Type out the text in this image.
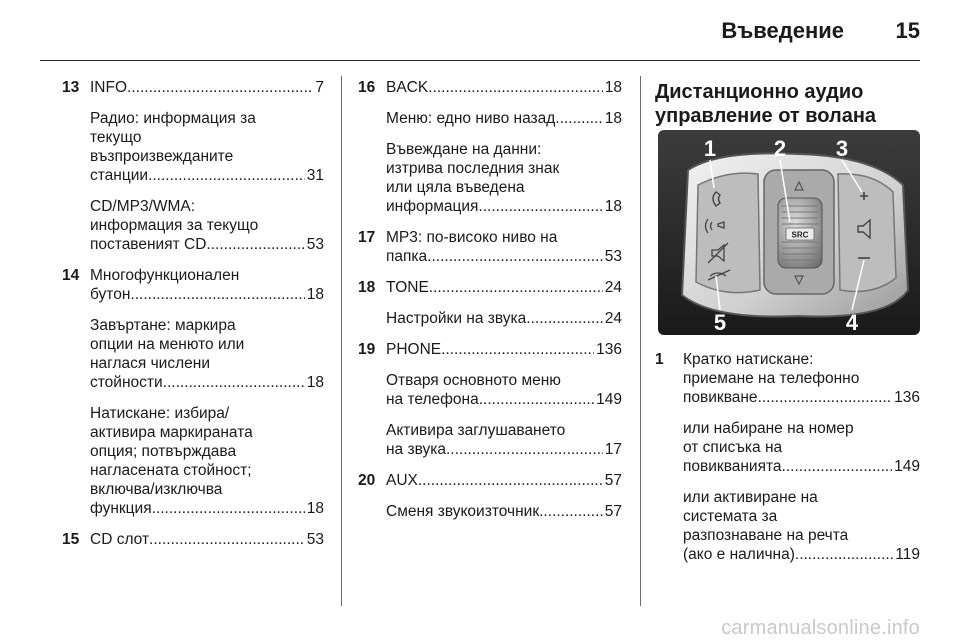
Въведение 15
13 INFO .....	7
Радио: информация за
текущо
възпроизвежданите
станции .....	31
CD/MP3/WMA:
информация за текущо
поставеният CD .....	53
14 Многофункционален
бутон .....	18
Завъртане: маркира
опции на менюто или
наглася числени
стойности .....	18
Натискане: избира/
активира маркираната
опция; потвърждава
нагласената стойност;
включва/изключва
функция .....	18
15 CD слот .....	53
16 BACK .....	18
Меню: едно ниво назад .....	18
Въвеждане на данни:
изтрива последния знак
или цяла въведена
информация .....	18
17 MP3: по-високо ниво на
папка .....	53
18 TONE .....	24
Настройки на звука .....	24
19 PHONE .....	136
Отваря основното меню
на телефона .....	149
Активира заглушаването
на звука .....	17
20 AUX .....	57
Сменя звукоизточник .....	57
Дистанционно аудио
управление от волана
SRC
1	2 3
4
5
1 Кратко натискане:
приемане на телефонно
повикване .....	136
или набиране на номер
от списъка на
повикванията .....	149
или активиране на
системата за
разпознаване на речта
(ако е налична) .....	119
carmanualsonline.info
